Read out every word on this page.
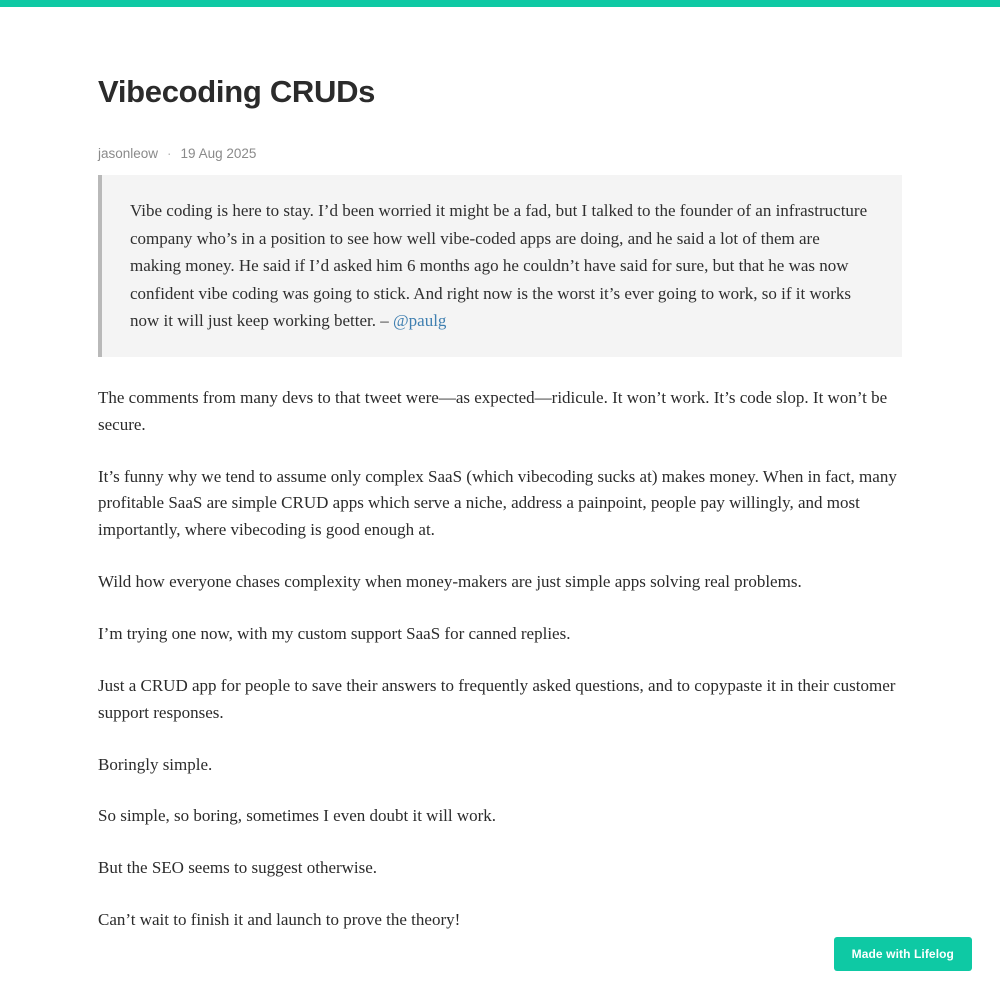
Vibecoding CRUDs
jasonleow · 19 Aug 2025

Vibe coding is here to stay. I’d been worried it might be a fad, but I talked to the founder of an infrastructure company who’s in a position to see how well vibe-coded apps are doing, and he said a lot of them are making money. He said if I’d asked him 6 months ago he couldn’t have said for sure, but that he was now confident vibe coding was going to stick. And right now is the worst it’s ever going to work, so if it works now it will just keep working better. – @paulg

The comments from many devs to that tweet were—as expected—ridicule. It won’t work. It’s code slop. It won’t be secure.

It’s funny why we tend to assume only complex SaaS (which vibecoding sucks at) makes money. When in fact, many profitable SaaS are simple CRUD apps which serve a niche, address a painpoint, people pay willingly, and most importantly, where vibecoding is good enough at.

Wild how everyone chases complexity when money-makers are just simple apps solving real problems.

I’m trying one now, with my custom support SaaS for canned replies.

Just a CRUD app for people to save their answers to frequently asked questions, and to copypaste it in their customer support responses.

Boringly simple.

So simple, so boring, sometimes I even doubt it will work.

But the SEO seems to suggest otherwise.

Can’t wait to finish it and launch to prove the theory!

Made with Lifelog
